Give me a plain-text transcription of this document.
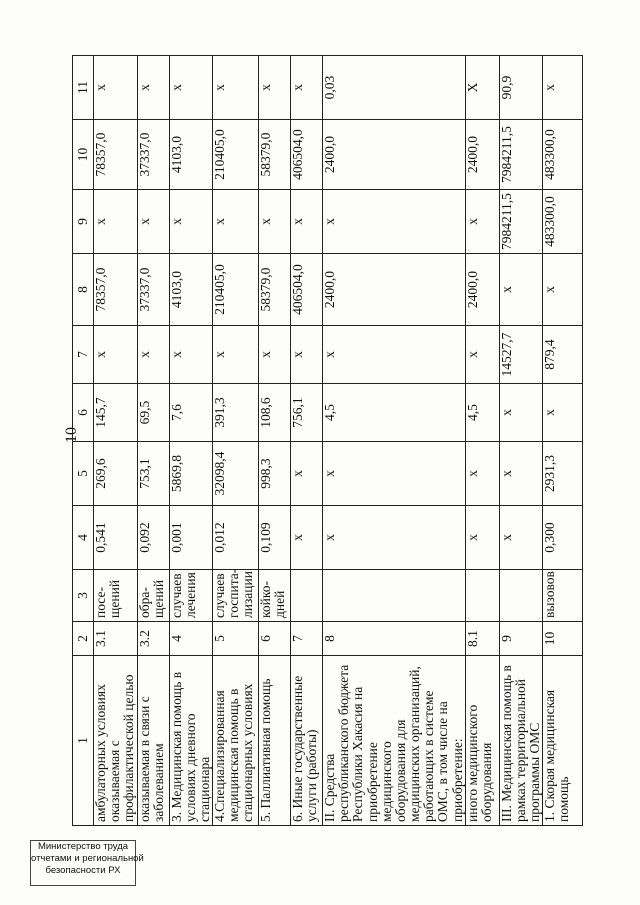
10
1	2	3	4	5	6	7	8	9	10	11
амбулаторных условиях оказываемая с профилактической целью	3.1	посе-щений	0,541	269,6	145,7	х	78357,0	х	78357,0	х
оказываемая в связи с заболеванием	3.2	обра-щений	0,092	753,1	69,5	х	37337,0	х	37337,0	х
3. Медицинская помощь в условиях дневного стационара	4	случаев лечения	0,001	5869,8	7,6	х	4103,0	х	4103,0	х
4.Специализированная медицинская помощь в стационарных условиях	5	случаев госпита-лизации	0,012	32098,4	391,3	х	210405,0	х	210405,0	х
5. Паллиативная помощь	6	койко-дней	0,109	998,3	108,6	х	58379,0	х	58379,0	х
6. Иные государственные услуги (работы)	7		х	х	756,1	х	406504,0	х	406504,0	х
II. Средства республиканского бюджета Республики Хакасия на приобретение медицинского оборудования для медицинских организаций, работающих в системе ОМС, в том числе на приобретение:	8		х	х	4,5	х	2400,0	х	2400,0	0,03
иного медицинского оборудования	8.1		х	х	4,5	х	2400,0	х	2400,0	Х
III. Медицинская помощь в рамках территориальной программы ОМС	9		х	х	х	14527,7	х	7984211,5	7984211,5	90,9
1. Скорая медицинская помощь	10	вызовов	0,300	2931,3	х	879,4	х	483300,0	483300,0	х
Министерство труда
отчетами и региональной
безопасности РХ
